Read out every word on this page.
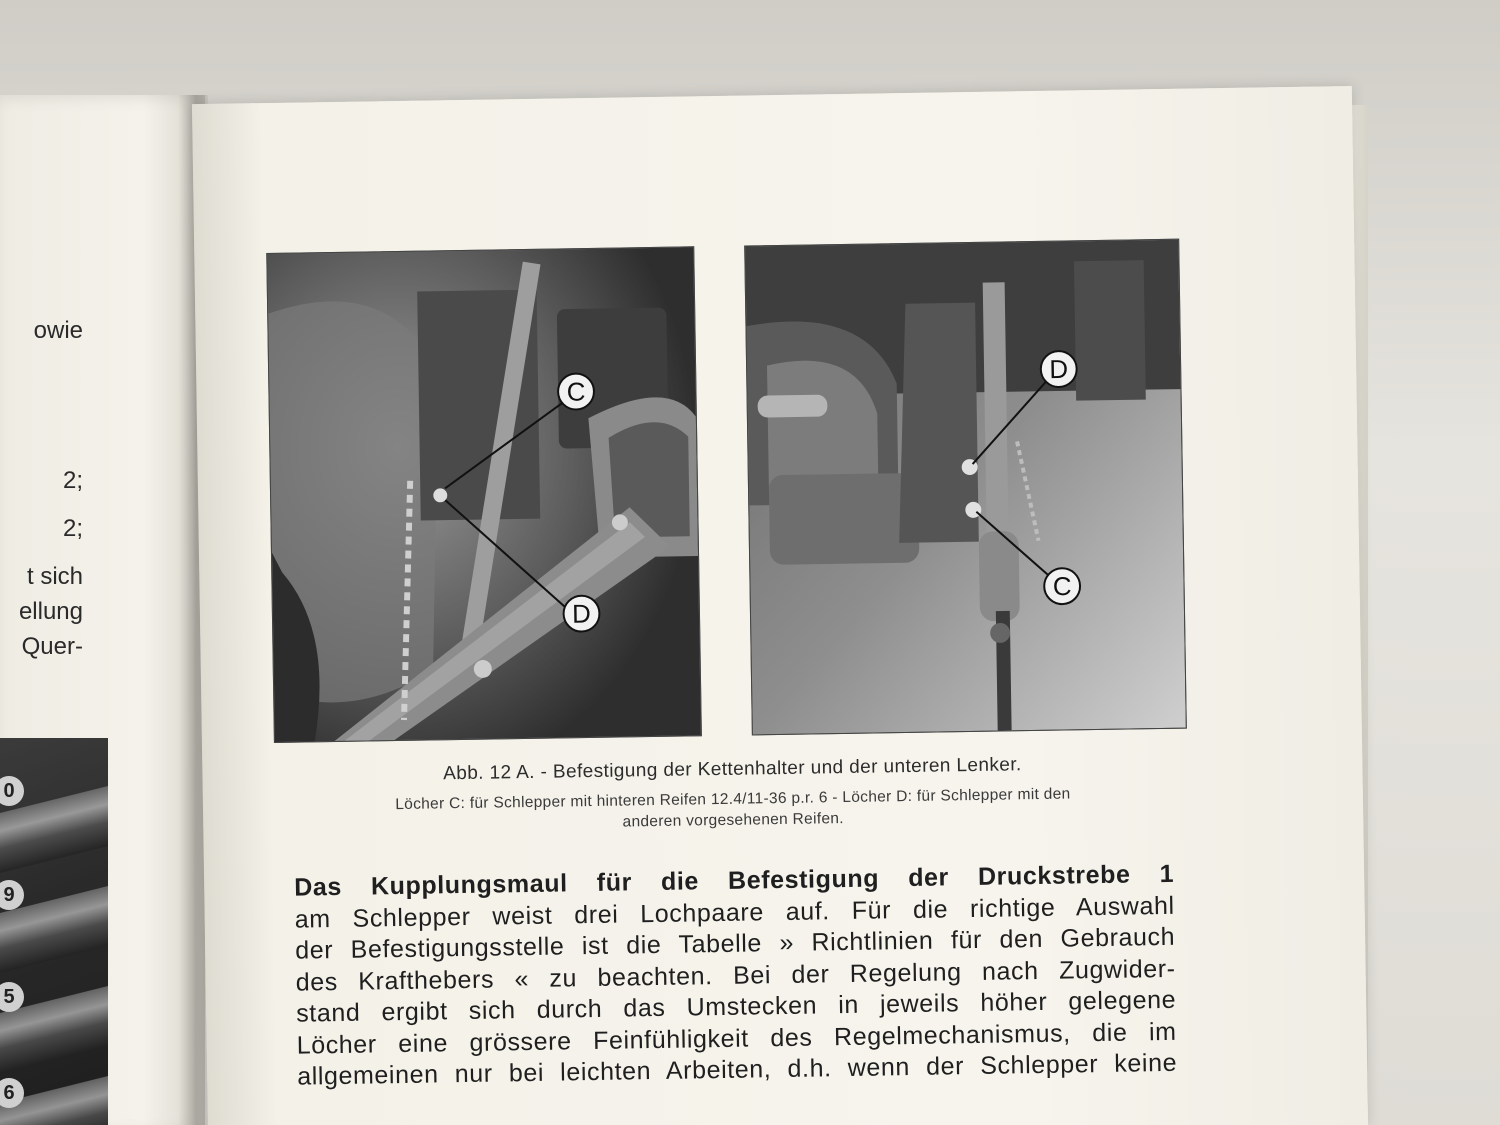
owie
2;
2;
t sich
ellung
Quer-
0
9
5
6
C
D
D
C
Abb. 12 A. - Befestigung der Kettenhalter und der unteren Lenker.
Löcher C: für Schlepper mit hinteren Reifen 12.4/11-36 p.r. 6 - Löcher D: für Schlepper mit den
anderen vorgesehenen Reifen.
Das Kupplungsmaul für die Befestigung der Druckstrebe 1
am Schlepper weist drei Lochpaare auf. Für die richtige Auswahl
der Befestigungsstelle ist die Tabelle » Richtlinien für den Gebrauch
des Krafthebers « zu beachten. Bei der Regelung nach Zugwider-
stand ergibt sich durch das Umstecken in jeweils höher gelegene
Löcher eine grössere Feinfühligkeit des Regelmechanismus, die im
allgemeinen nur bei leichten Arbeiten, d.h. wenn der Schlepper keine
